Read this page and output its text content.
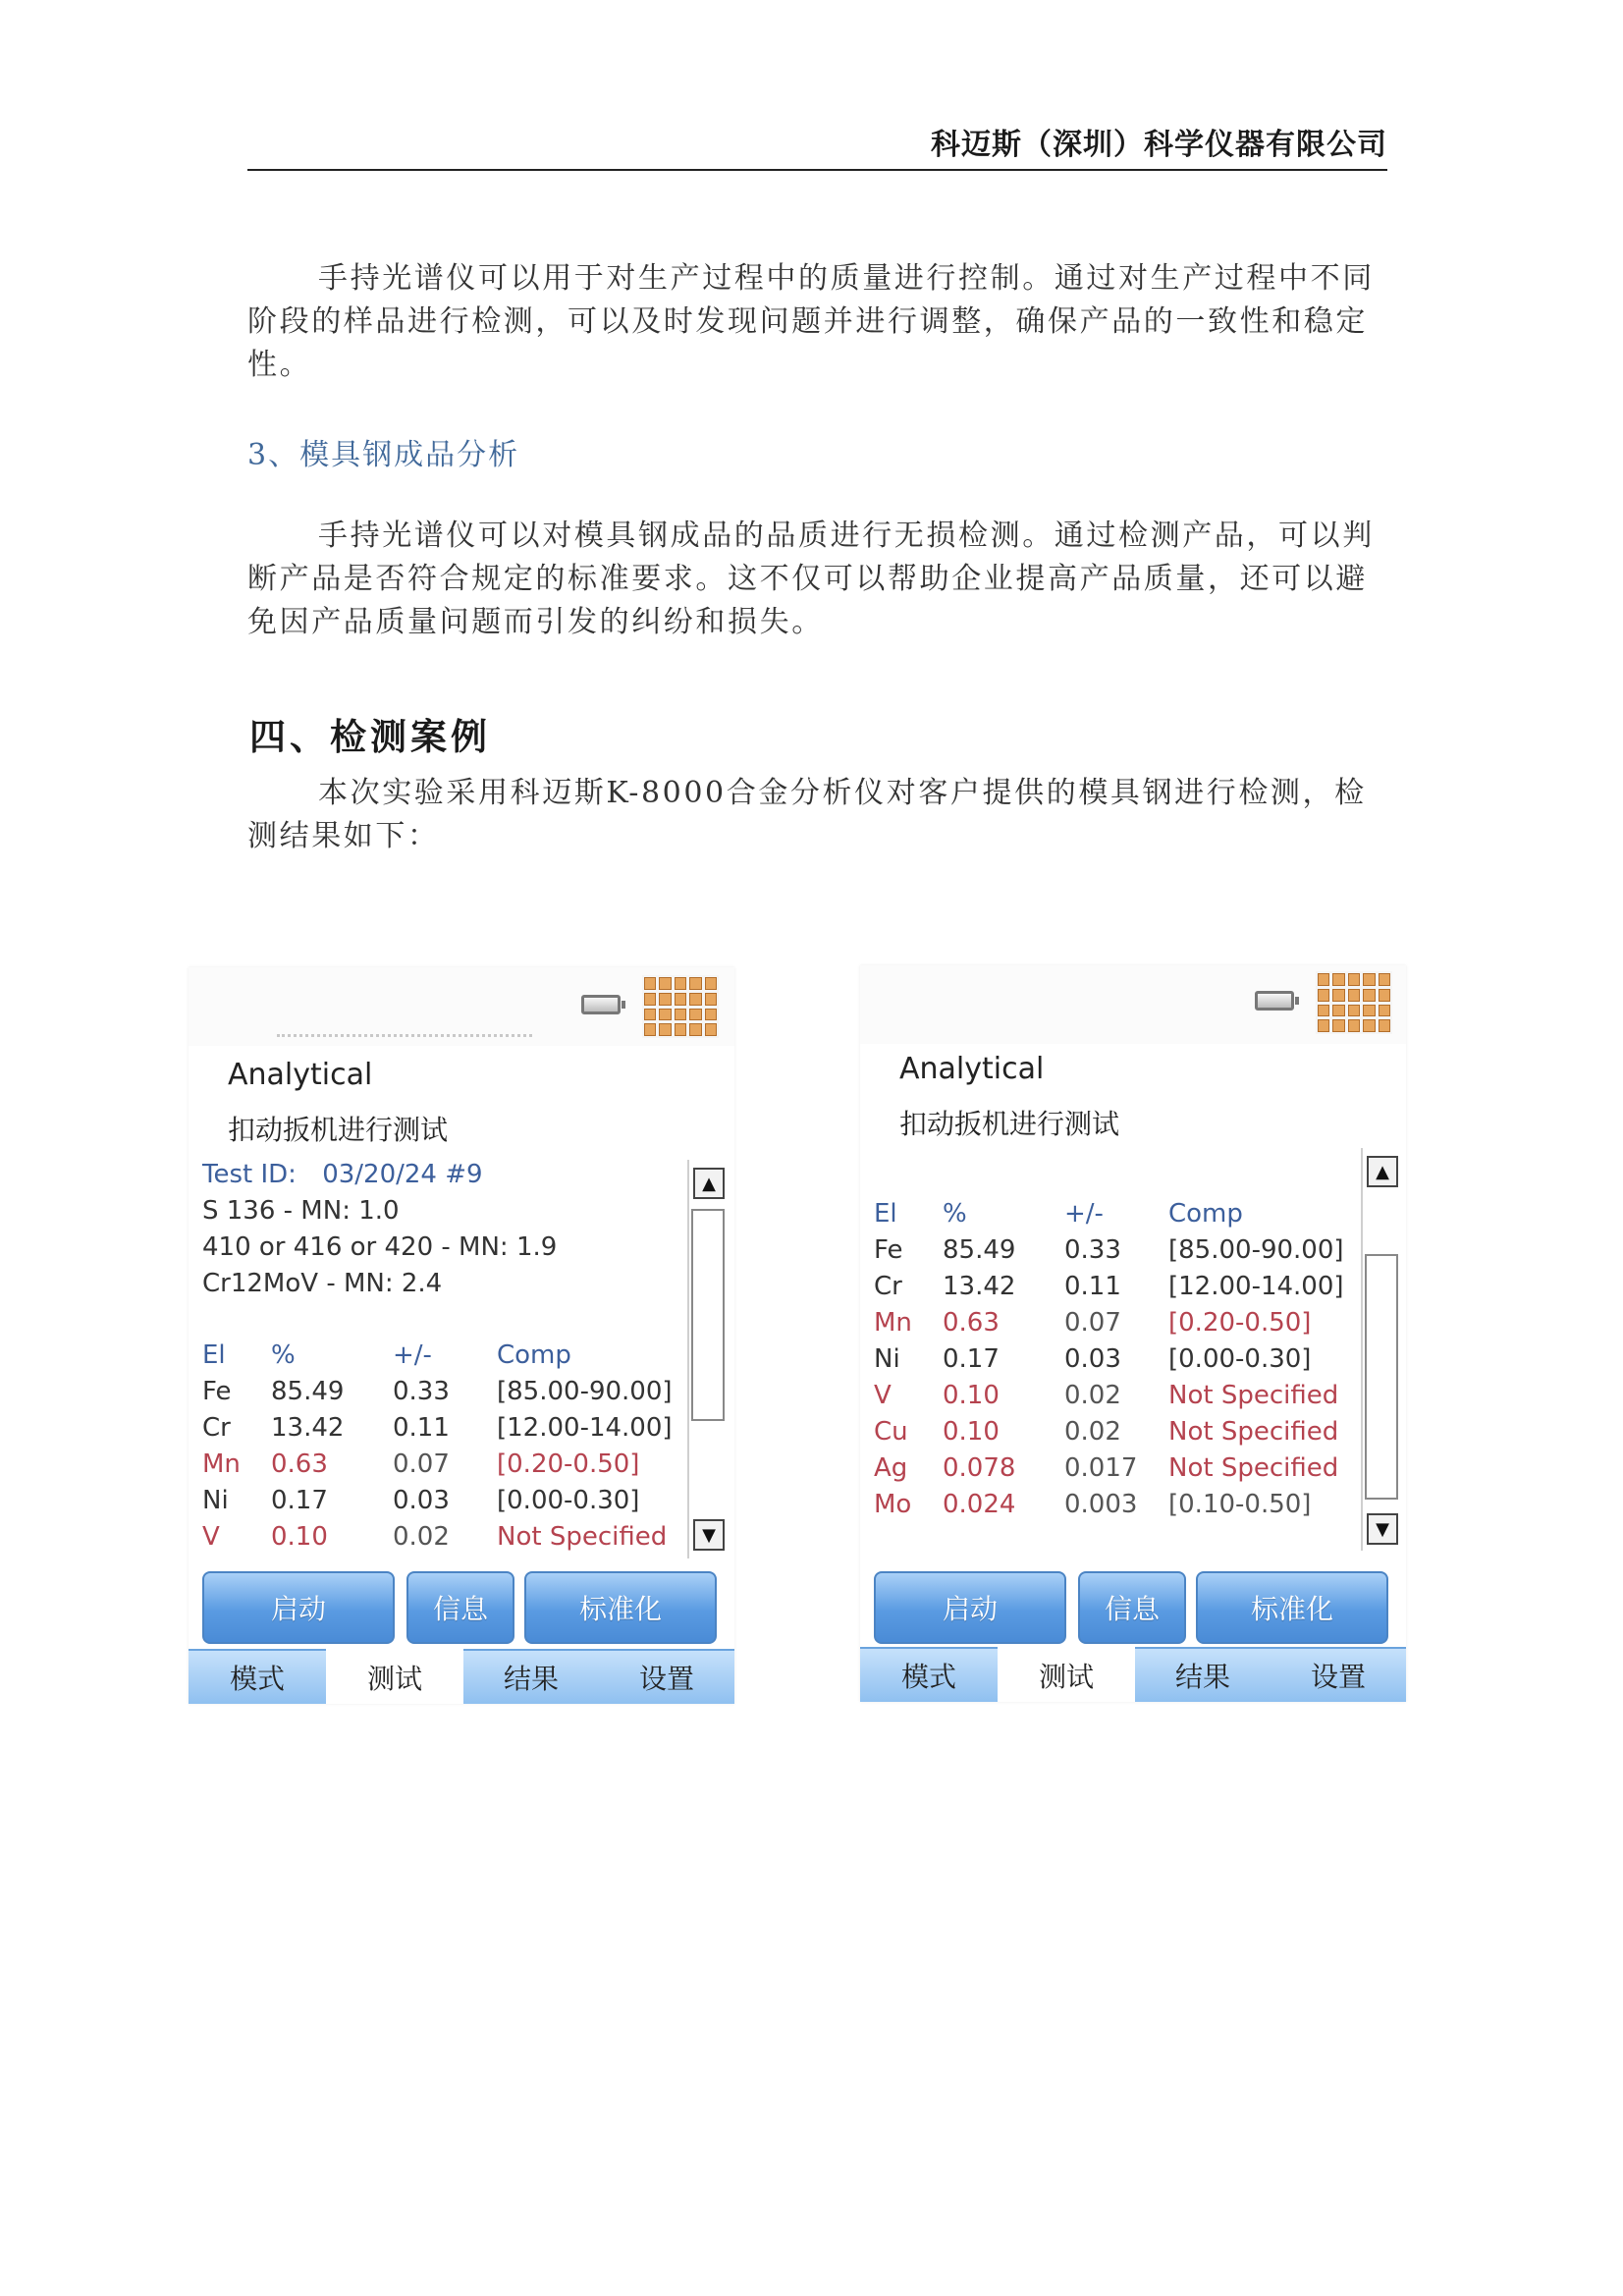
科迈斯（深圳）科学仪器有限公司

手持光谱仪可以用于对生产过程中的质量进行控制。通过对生产过程中不同阶段的样品进行检测，可以及时发现问题并进行调整，确保产品的一致性和稳定性。

3、模具钢成品分析

手持光谱仪可以对模具钢成品的品质进行无损检测。通过检测产品，可以判断产品是否符合规定的标准要求。这不仅可以帮助企业提高产品质量，还可以避免因产品质量问题而引发的纠纷和损失。

四、检测案例

本次实验采用科迈斯K-8000合金分析仪对客户提供的模具钢进行检测，检测结果如下：

Analytical
扣动扳机进行测试
Test ID: 03/20/24 #9
S 136 - MN: 1.0
410 or 416 or 420 - MN: 1.9
Cr12MoV - MN: 2.4
El %	+/-	Comp
Fe 85.49 0.33 [85.00-90.00]
Cr 13.42 0.11 [12.00-14.00]
Mn 0.63	0.07 [0.20-0.50]
Ni 0.17	0.03 [0.00-0.30]
V 0.10	0.02 Not Specified
▲
▼
启动	信息	标准化
模式	测试	结果	设置
Analytical
扣动扳机进行测试
El %	+/-	Comp
Fe 85.49 0.33 [85.00-90.00]
Cr 13.42 0.11 [12.00-14.00]
Mn 0.63	0.07 [0.20-0.50]
Ni 0.17	0.03 [0.00-0.30]
V 0.10	0.02 Not Specified
Cu 0.10	0.02 Not Specified
Ag 0.078 0.017 Not Specified
Mo 0.024 0.003 [0.10-0.50]
▲
▼
启动	信息	标准化
模式	测试	结果	设置
